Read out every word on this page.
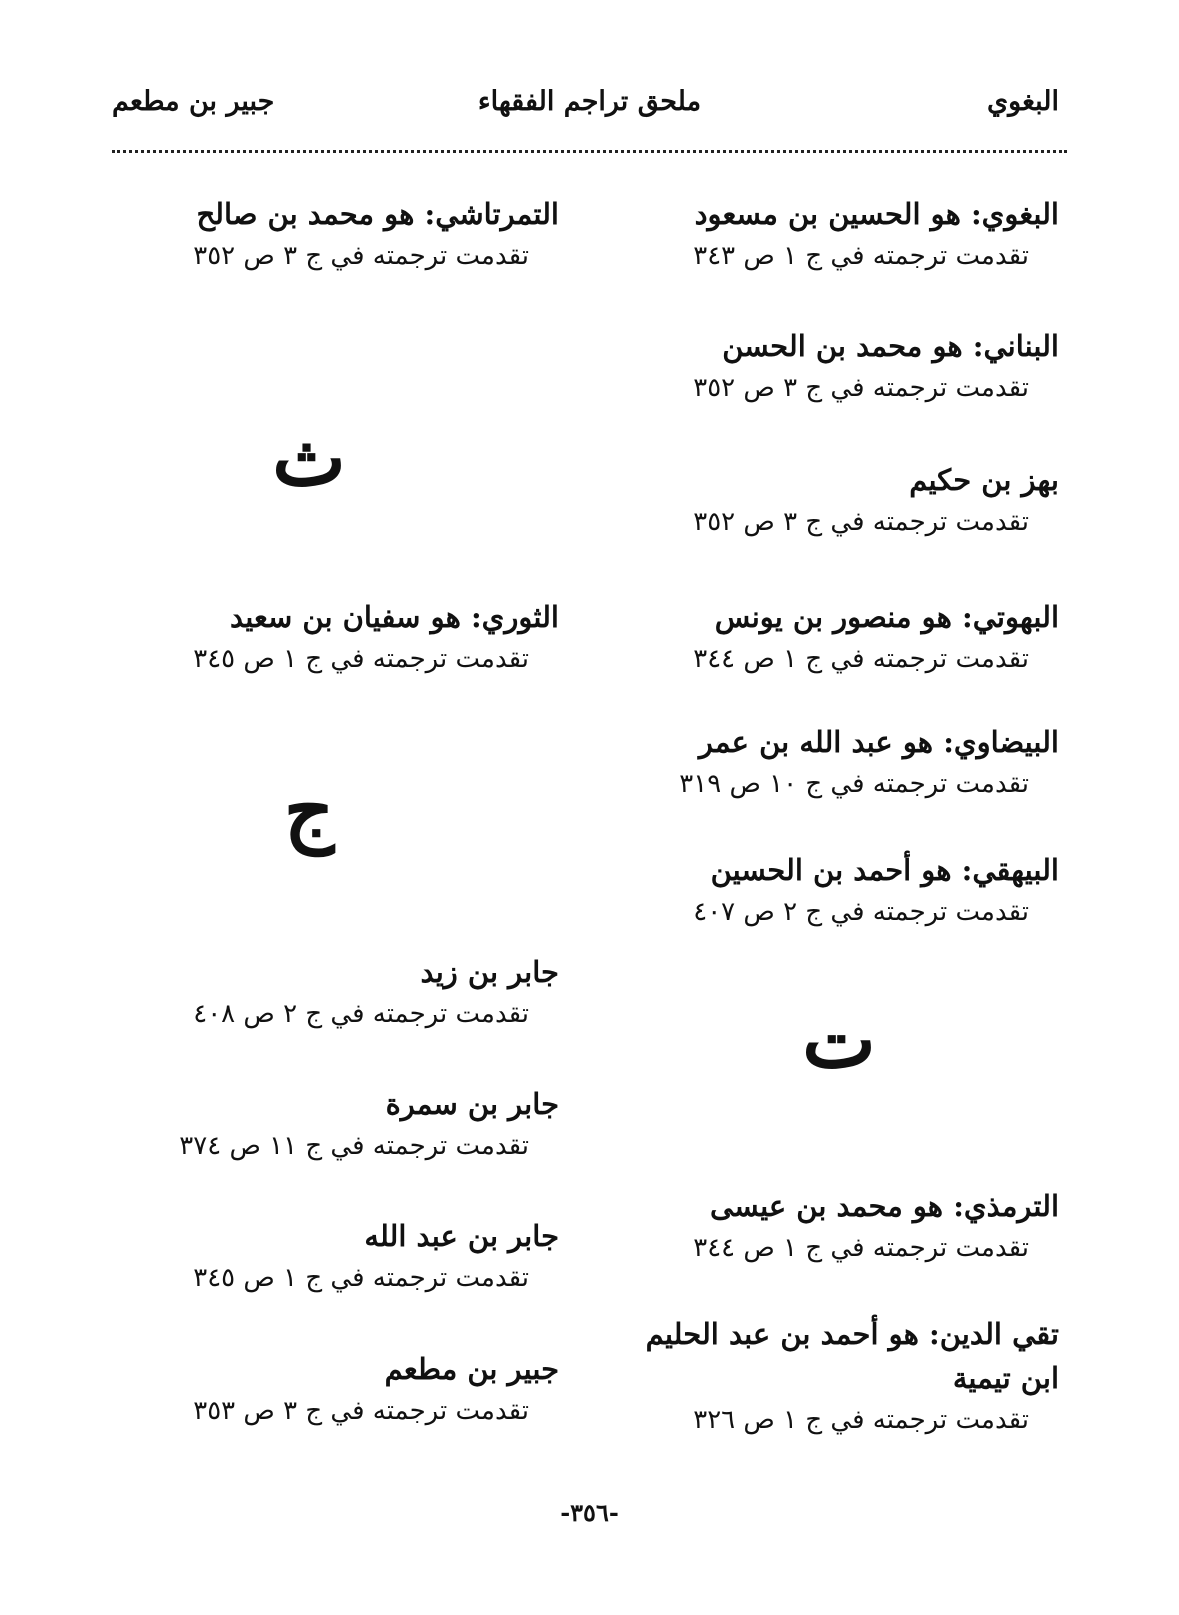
البغوي
ملحق تراجم الفقهاء
جبير بن مطعم
البغوي: هو الحسين بن مسعود
تقدمت ترجمته في ج ١ ص ٣٤٣
البناني: هو محمد بن الحسن
تقدمت ترجمته في ج ٣ ص ٣٥٢
بهز بن حكيم
تقدمت ترجمته في ج ٣ ص ٣٥٢
البهوتي: هو منصور بن يونس
تقدمت ترجمته في ج ١ ص ٣٤٤
البيضاوي: هو عبد الله بن عمر
تقدمت ترجمته في ج ١٠ ص ٣١٩
البيهقي: هو أحمد بن الحسين
تقدمت ترجمته في ج ٢ ص ٤٠٧
ت
الترمذي: هو محمد بن عيسى
تقدمت ترجمته في ج ١ ص ٣٤٤
تقي الدين: هو أحمد بن عبد الحليم
ابن تيمية
تقدمت ترجمته في ج ١ ص ٣٢٦
التمرتاشي: هو محمد بن صالح
تقدمت ترجمته في ج ٣ ص ٣٥٢
ث
الثوري: هو سفيان بن سعيد
تقدمت ترجمته في ج ١ ص ٣٤٥
ج
جابر بن زيد
تقدمت ترجمته في ج ٢ ص ٤٠٨
جابر بن سمرة
تقدمت ترجمته في ج ١١ ص ٣٧٤
جابر بن عبد الله
تقدمت ترجمته في ج ١ ص ٣٤٥
جبير بن مطعم
تقدمت ترجمته في ج ٣ ص ٣٥٣
-٣٥٦-
